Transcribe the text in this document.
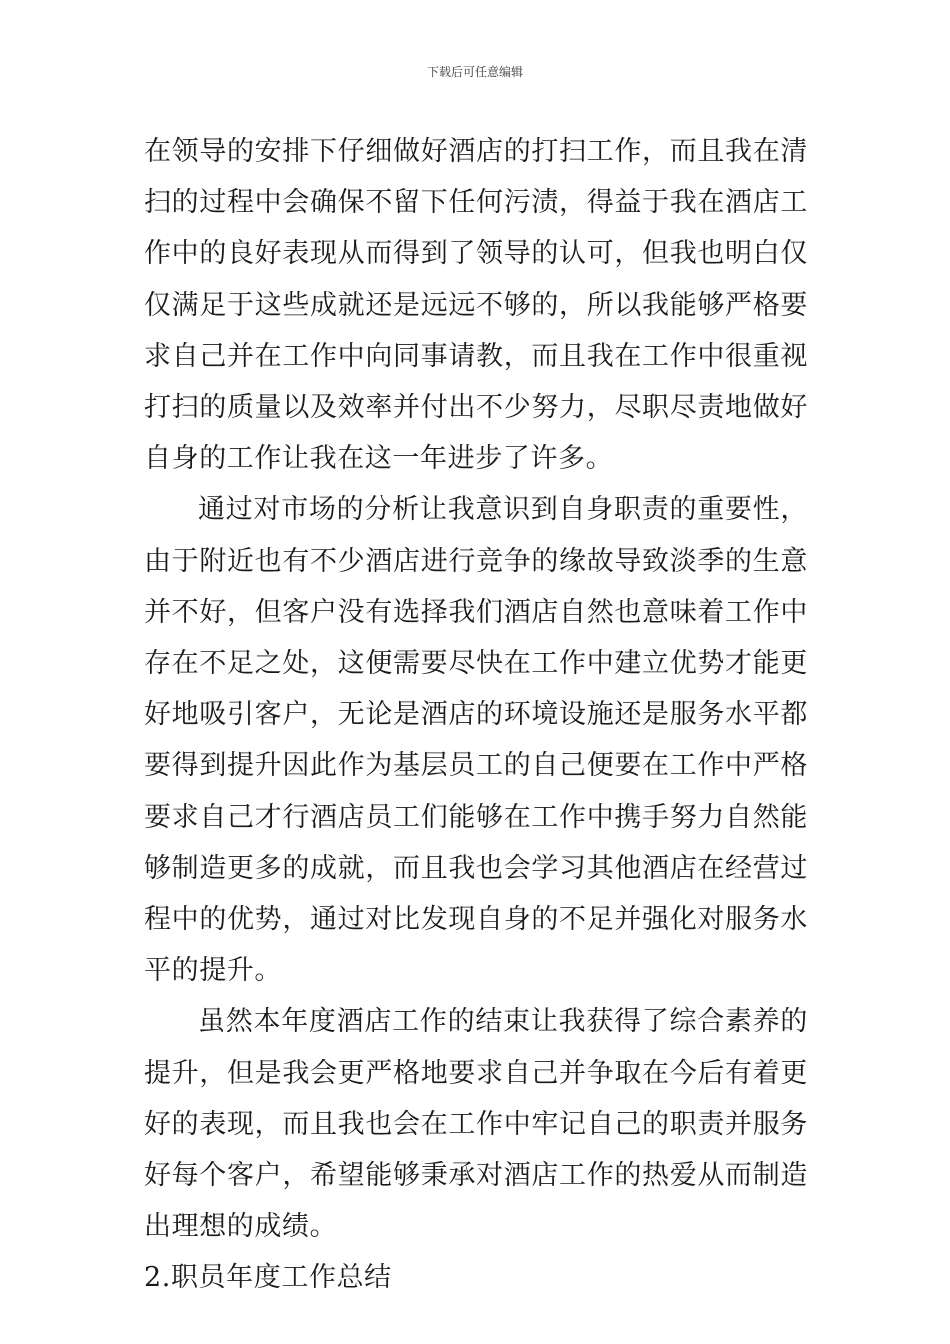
下载后可任意编辑

在领导的安排下仔细做好酒店的打扫工作，而且我在清扫的过程中会确保不留下任何污渍，得益于我在酒店工作中的良好表现从而得到了领导的认可，但我也明白仅仅满足于这些成就还是远远不够的，所以我能够严格要求自己并在工作中向同事请教，而且我在工作中很重视打扫的质量以及效率并付出不少努力，尽职尽责地做好自身的工作让我在这一年进步了许多。

通过对市场的分析让我意识到自身职责的重要性，由于附近也有不少酒店进行竞争的缘故导致淡季的生意并不好，但客户没有选择我们酒店自然也意味着工作中存在不足之处，这便需要尽快在工作中建立优势才能更好地吸引客户，无论是酒店的环境设施还是服务水平都要得到提升因此作为基层员工的自己便要在工作中严格要求自己才行酒店员工们能够在工作中携手努力自然能够制造更多的成就，而且我也会学习其他酒店在经营过程中的优势，通过对比发现自身的不足并强化对服务水平的提升。

虽然本年度酒店工作的结束让我获得了综合素养的提升，但是我会更严格地要求自己并争取在今后有着更好的表现，而且我也会在工作中牢记自己的职责并服务好每个客户，希望能够秉承对酒店工作的热爱从而制造出理想的成绩。

2.职员年度工作总结
